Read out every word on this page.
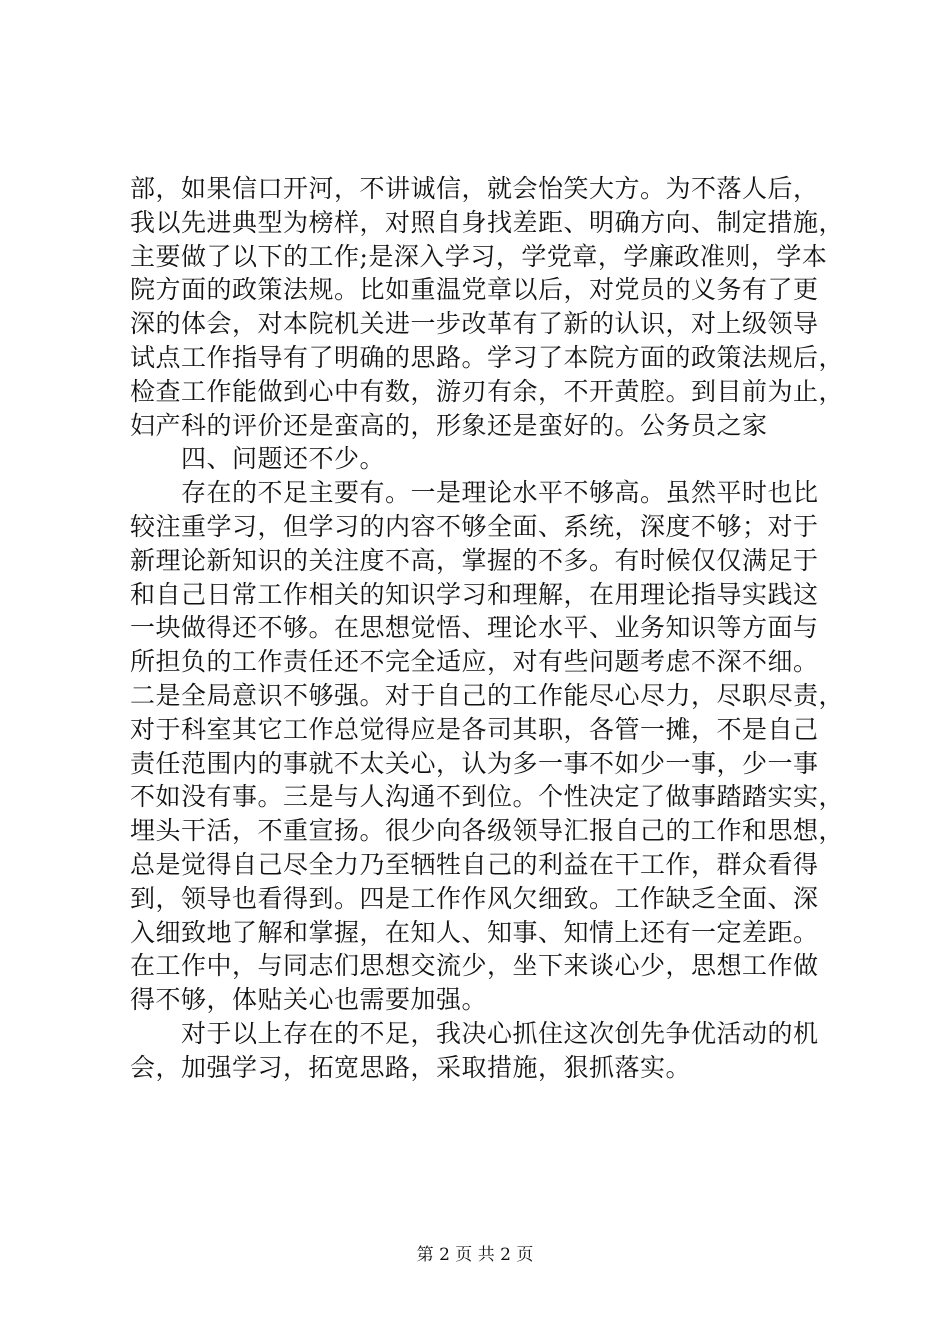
部，如果信口开河，不讲诚信，就会怡笑大方。为不落人后，
我以先进典型为榜样，对照自身找差距、明确方向、制定措施，
主要做了以下的工作;是深入学习，学党章，学廉政准则，学本
院方面的政策法规。比如重温党章以后，对党员的义务有了更
深的体会，对本院机关进一步改革有了新的认识，对上级领导
试点工作指导有了明确的思路。学习了本院方面的政策法规后，
检查工作能做到心中有数，游刃有余，不开黄腔。到目前为止，
妇产科的评价还是蛮高的，形象还是蛮好的。公务员之家
　　四、问题还不少。
　　存在的不足主要有。一是理论水平不够高。虽然平时也比
较注重学习，但学习的内容不够全面、系统，深度不够；对于
新理论新知识的关注度不高，掌握的不多。有时候仅仅满足于
和自己日常工作相关的知识学习和理解，在用理论指导实践这
一块做得还不够。在思想觉悟、理论水平、业务知识等方面与
所担负的工作责任还不完全适应，对有些问题考虑不深不细。
二是全局意识不够强。对于自己的工作能尽心尽力，尽职尽责，
对于科室其它工作总觉得应是各司其职，各管一摊，不是自己
责任范围内的事就不太关心，认为多一事不如少一事，少一事
不如没有事。三是与人沟通不到位。个性决定了做事踏踏实实，
埋头干活，不重宣扬。很少向各级领导汇报自己的工作和思想，
总是觉得自己尽全力乃至牺牲自己的利益在干工作，群众看得
到，领导也看得到。四是工作作风欠细致。工作缺乏全面、深
入细致地了解和掌握，在知人、知事、知情上还有一定差距。
在工作中，与同志们思想交流少，坐下来谈心少，思想工作做
得不够，体贴关心也需要加强。
　　对于以上存在的不足，我决心抓住这次创先争优活动的机
会，加强学习，拓宽思路，采取措施，狠抓落实。
第 2 页 共 2 页
